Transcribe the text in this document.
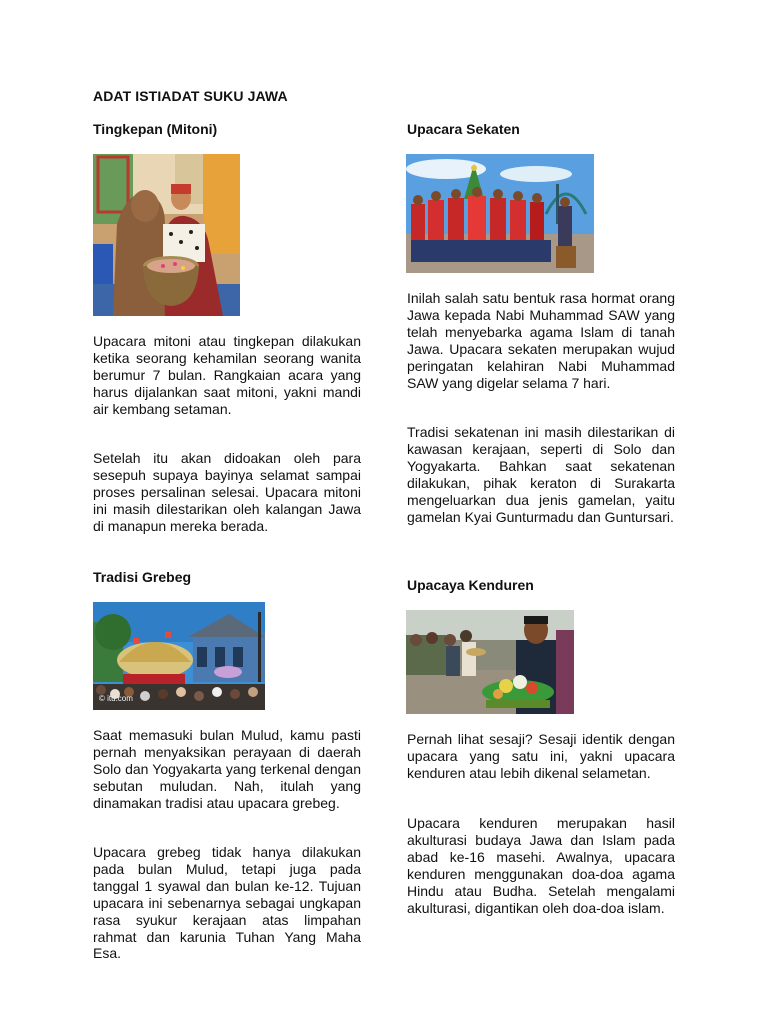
ADAT ISTIADAT SUKU JAWA
Tingkepan (Mitoni)

Upacara mitoni atau tingkepan dilakukan ketika seorang kehamilan seorang wanita berumur 7 bulan. Rangkaian acara yang harus dijalankan saat mitoni, yakni mandi air kembang setaman.

Setelah itu akan didoakan oleh para sesepuh supaya bayinya selamat sampai proses persalinan selesai. Upacara mitoni ini masih dilestarikan oleh kalangan Jawa di manapun mereka berada.

Tradisi Grebeg
© itu.com

Saat memasuki bulan Mulud, kamu pasti pernah menyaksikan perayaan di daerah Solo dan Yogyakarta yang terkenal dengan sebutan muludan. Nah, itulah yang dinamakan tradisi atau upacara grebeg.

Upacara grebeg tidak hanya dilakukan pada bulan Mulud, tetapi juga pada tanggal 1 syawal dan bulan ke-12. Tujuan upacara ini sebenarnya sebagai ungkapan rasa syukur kerajaan atas limpahan rahmat dan karunia Tuhan Yang Maha Esa.

Upacara Sekaten

Inilah salah satu bentuk rasa hormat orang Jawa kepada Nabi Muhammad SAW yang telah menyebarka agama Islam di tanah Jawa. Upacara sekaten merupakan wujud peringatan kelahiran Nabi Muhammad SAW yang digelar selama 7 hari.

Tradisi sekatenan ini masih dilestarikan di kawasan kerajaan, seperti di Solo dan Yogyakarta. Bahkan saat sekatenan dilakukan, pihak keraton di Surakarta mengeluarkan dua jenis gamelan, yaitu gamelan Kyai Gunturmadu dan Guntursari.

Upacaya Kenduren

Pernah lihat sesaji? Sesaji identik dengan upacara yang satu ini, yakni upacara kenduren atau lebih dikenal selametan.

Upacara kenduren merupakan hasil akulturasi budaya Jawa dan Islam pada abad ke-16 masehi. Awalnya, upacara kenduren menggunakan doa-doa agama Hindu atau Budha. Setelah mengalami akulturasi, digantikan oleh doa-doa islam.
